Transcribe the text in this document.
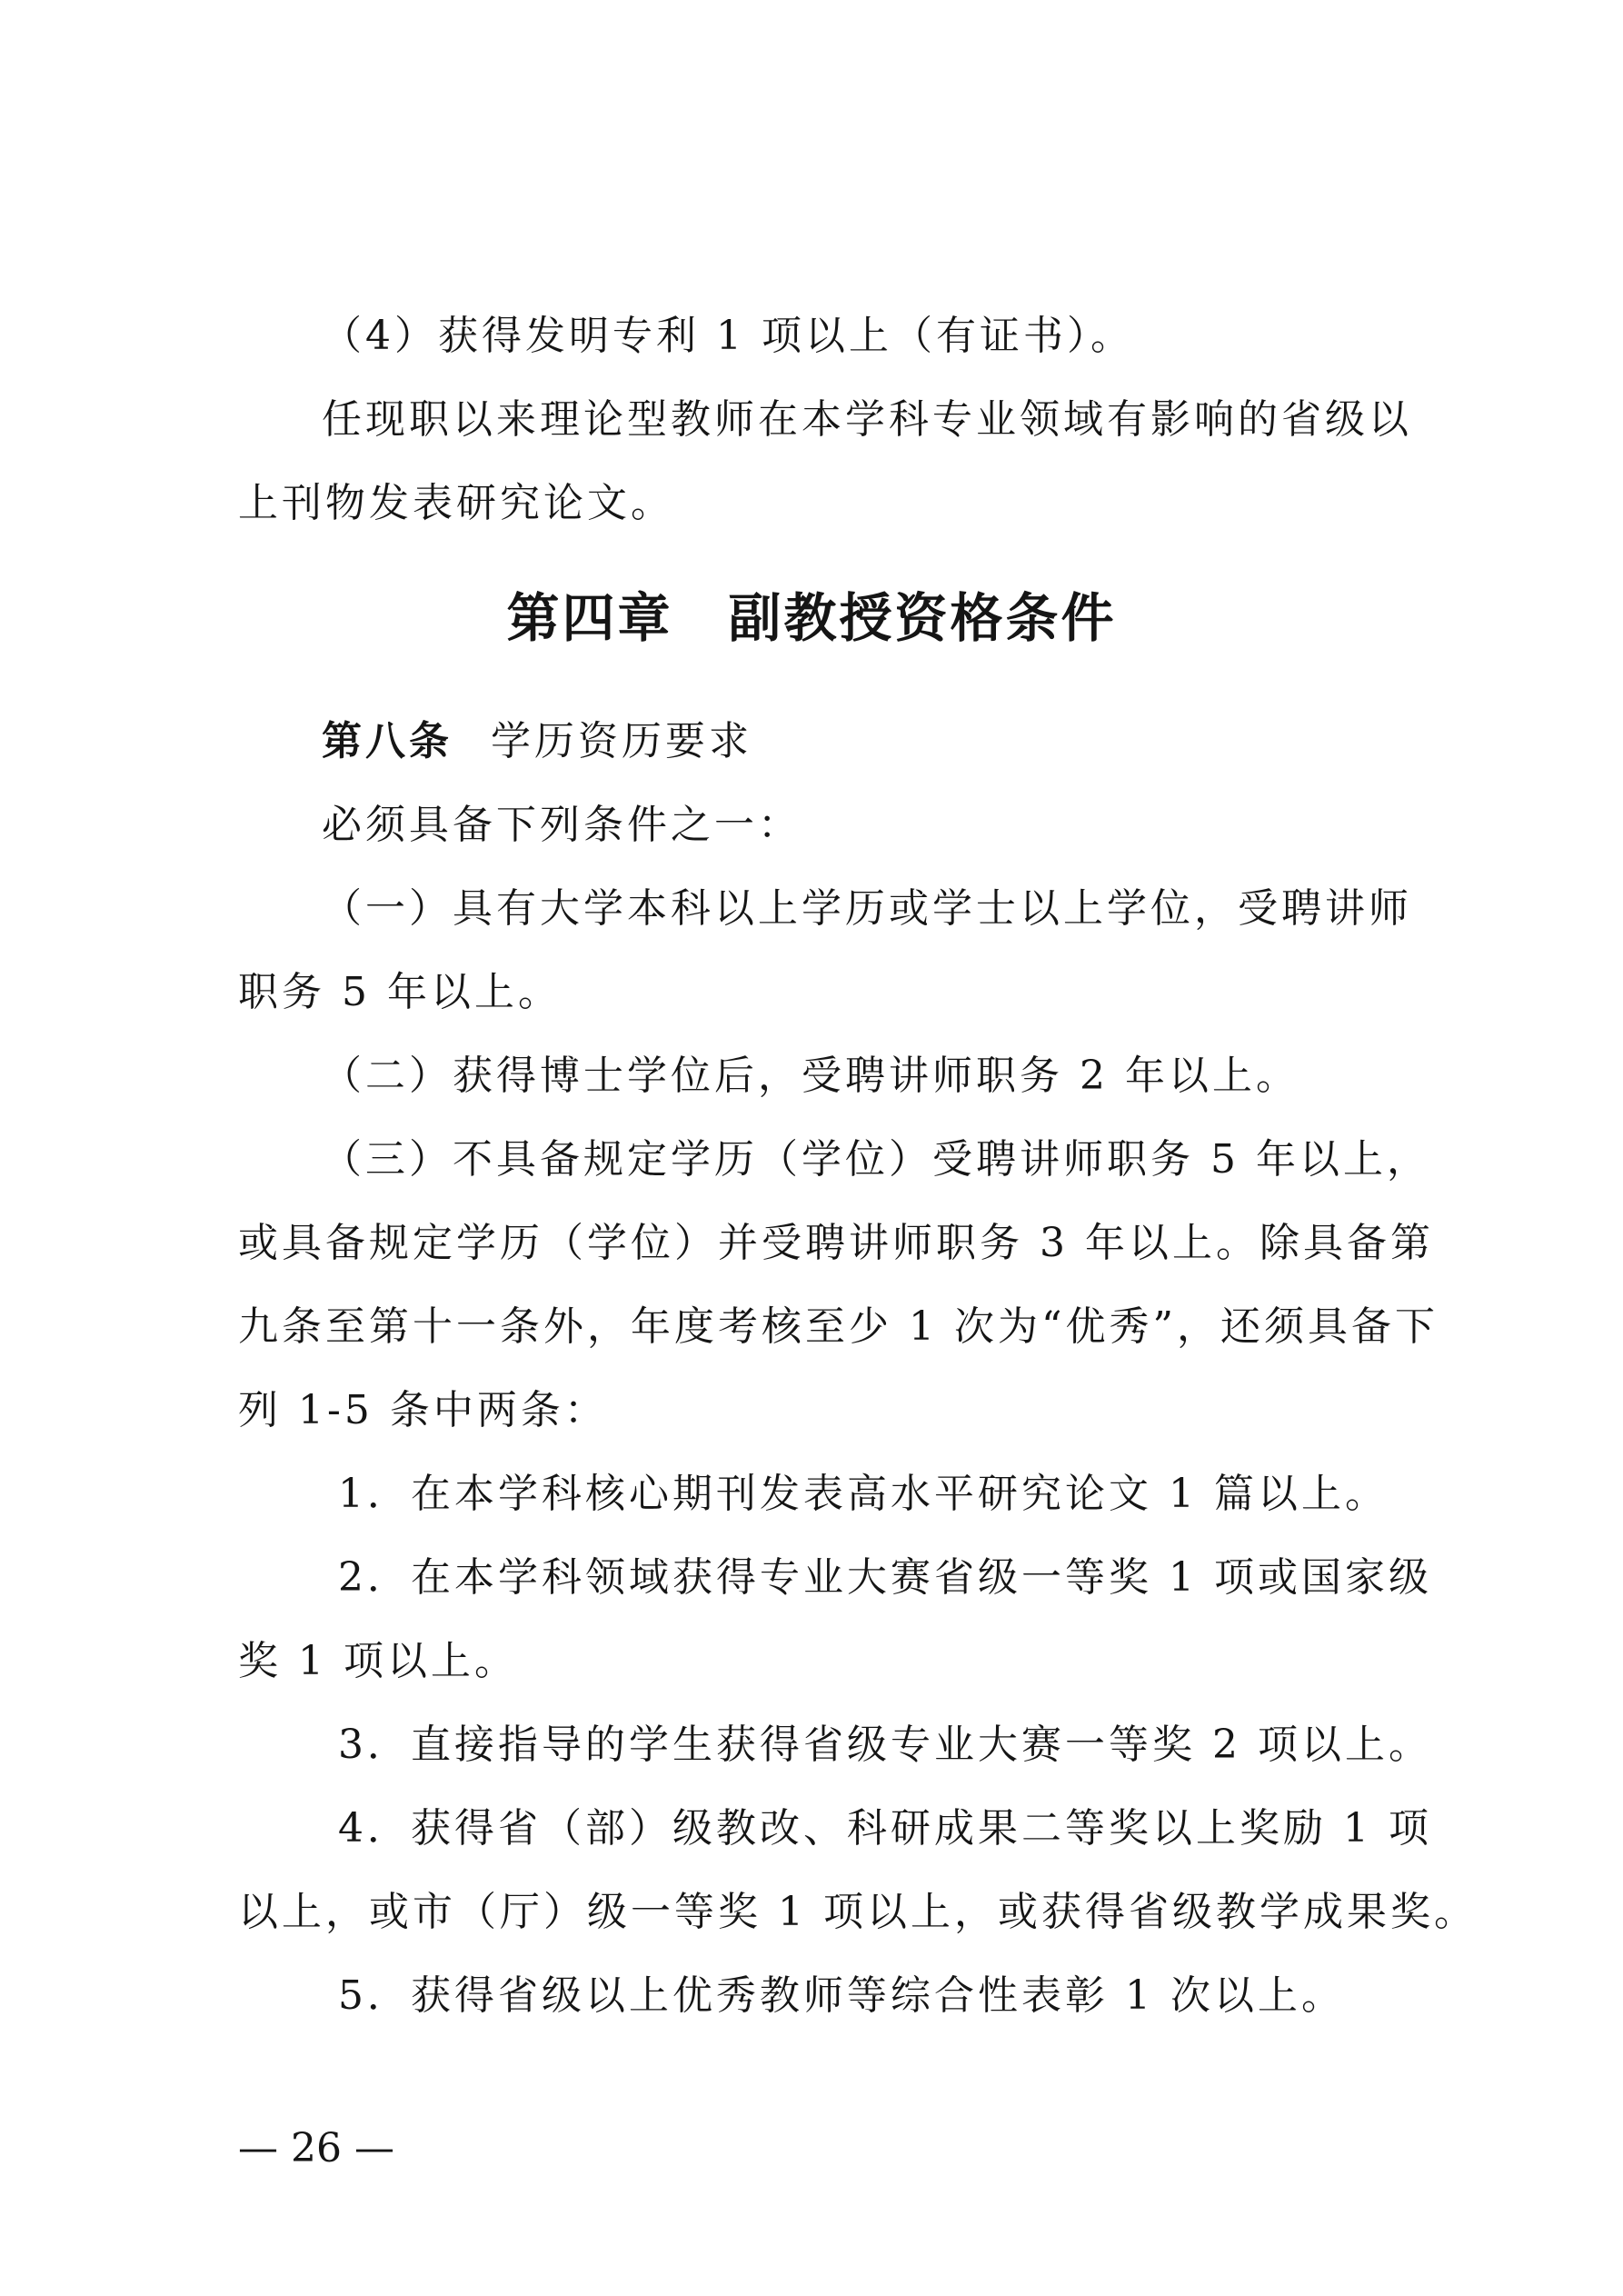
（4）获得发明专利 1 项以上（有证书）。
任现职以来理论型教师在本学科专业领域有影响的省级以
上刊物发表研究论文。
第四章　副教授资格条件
第八条 学历资历要求
必须具备下列条件之一：
（一）具有大学本科以上学历或学士以上学位，受聘讲师
职务 5 年以上。
（二）获得博士学位后，受聘讲师职务 2 年以上。
（三）不具备规定学历（学位）受聘讲师职务 5 年以上，
或具备规定学历（学位）并受聘讲师职务 3 年以上。除具备第
九条至第十一条外，年度考核至少 1 次为“优秀”，还须具备下
列 1-5 条中两条：
1．在本学科核心期刊发表高水平研究论文 1 篇以上。
2．在本学科领域获得专业大赛省级一等奖 1 项或国家级
奖 1 项以上。
3．直接指导的学生获得省级专业大赛一等奖 2 项以上。
4．获得省（部）级教改、科研成果二等奖以上奖励 1 项
以上，或市（厅）级一等奖 1 项以上，或获得省级教学成果奖。
5．获得省级以上优秀教师等综合性表彰 1 次以上。
— 26 —
